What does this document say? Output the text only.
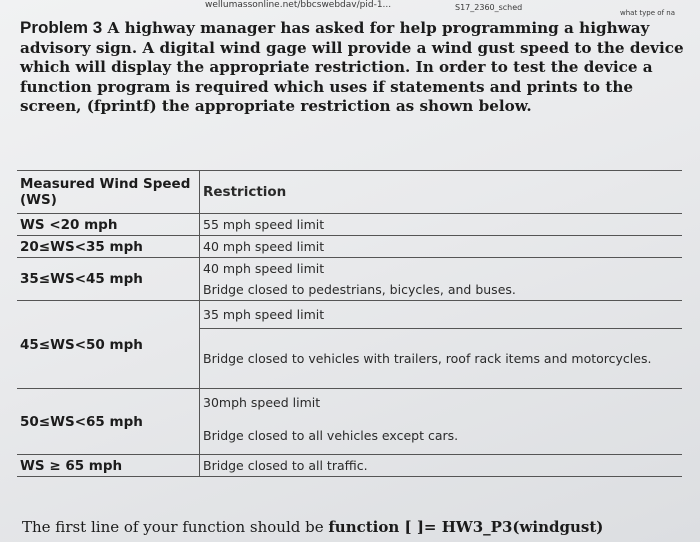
wellumassonline.net/bbcswebdav/pid-1...	S17_2360_sched
what type of na

Problem 3 A highway manager has asked for help programming a highway advisory sign. A digital wind gage will provide a wind gust speed to the device which will display the appropriate restriction. In order to test the device a function program is required which uses if statements and prints to the screen, (fprintf) the appropriate restriction as shown below.

Measured Wind Speed (WS)	Restriction
WS <20 mph	55 mph speed limit
20≤WS<35 mph	40 mph speed limit
35≤WS<45 mph	40 mph speed limit
	Bridge closed to pedestrians, bicycles, and buses.
45≤WS<50 mph	35 mph speed limit
	Bridge closed to vehicles with trailers, roof rack items and motorcycles.
50≤WS<65 mph	30mph speed limit
	Bridge closed to all vehicles except cars.
WS ≥ 65 mph	Bridge closed to all traffic.
The first line of your function should be function [ ]= HW3_P3(windgust)
